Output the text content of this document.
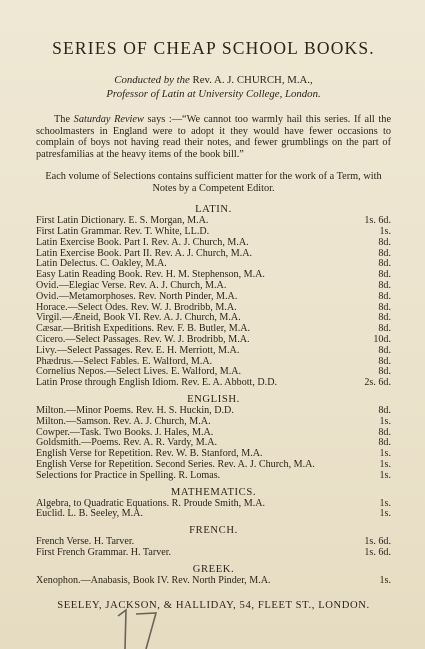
SERIES OF CHEAP SCHOOL BOOKS.
Conducted by the Rev. A. J. CHURCH, M.A.,
Professor of Latin at University College, London.

The Saturday Review says :—“We cannot too warmly hail this series. If all the schoolmasters in England were to adopt it they would have fewer occasions to complain of boys not having read their notes, and fewer grumblings on the part of patresfamilias at the heavy items of the book bill.”

Each volume of Selections contains sufficient matter for the work of a Term, with Notes by a Competent Editor.

LATIN.
First Latin Dictionary. E. S. Morgan, M.A.	1s. 6d.
First Latin Grammar. Rev. T. White, LL.D.	1s.
Latin Exercise Book. Part I. Rev. A. J. Church, M.A.	8d.
Latin Exercise Book. Part II. Rev. A. J. Church, M.A.	8d.
Latin Delectus. C. Oakley, M.A.	8d.
Easy Latin Reading Book. Rev. H. M. Stephenson, M.A.	8d.
Ovid.—Elegiac Verse. Rev. A. J. Church, M.A.	8d.
Ovid.—Metamorphoses. Rev. North Pinder, M.A.	8d.
Horace.—Select Odes. Rev. W. J. Brodribb, M.A.	8d.
Virgil.—Æneid, Book VI. Rev. A. J. Church, M.A.	8d.
Cæsar.—British Expeditions. Rev. F. B. Butler, M.A.	8d.
Cicero.—Select Passages. Rev. W. J. Brodribb, M.A.	10d.
Livy.—Select Passages. Rev. E. H. Merriott, M.A.	8d.
Phædrus.—Select Fables. E. Walford, M.A.	8d.
Cornelius Nepos.—Select Lives. E. Walford, M.A.	8d.
Latin Prose through English Idiom. Rev. E. A. Abbott, D.D.	2s. 6d.
ENGLISH.
Milton.—Minor Poems. Rev. H. S. Huckin, D.D.	8d.
Milton.—Samson. Rev. A. J. Church, M.A.	1s.
Cowper.—Task. Two Books. J. Hales, M.A.	8d.
Goldsmith.—Poems. Rev. A. R. Vardy, M.A.	8d.
English Verse for Repetition. Rev. W. B. Stanford, M.A.	1s.
English Verse for Repetition. Second Series. Rev. A. J. Church, M.A.	1s.
Selections for Practice in Spelling. R. Lomas.	1s.
MATHEMATICS.
Algebra, to Quadratic Equations. R. Proude Smith, M.A.	1s.
Euclid. L. B. Seeley, M.A.	1s.
FRENCH.
French Verse. H. Tarver.	1s. 6d.
First French Grammar. H. Tarver.	1s. 6d.
GREEK.
Xenophon.—Anabasis, Book IV. Rev. North Pinder, M.A.	1s.
SEELEY, JACKSON, & HALLIDAY, 54, FLEET ST., LONDON.
